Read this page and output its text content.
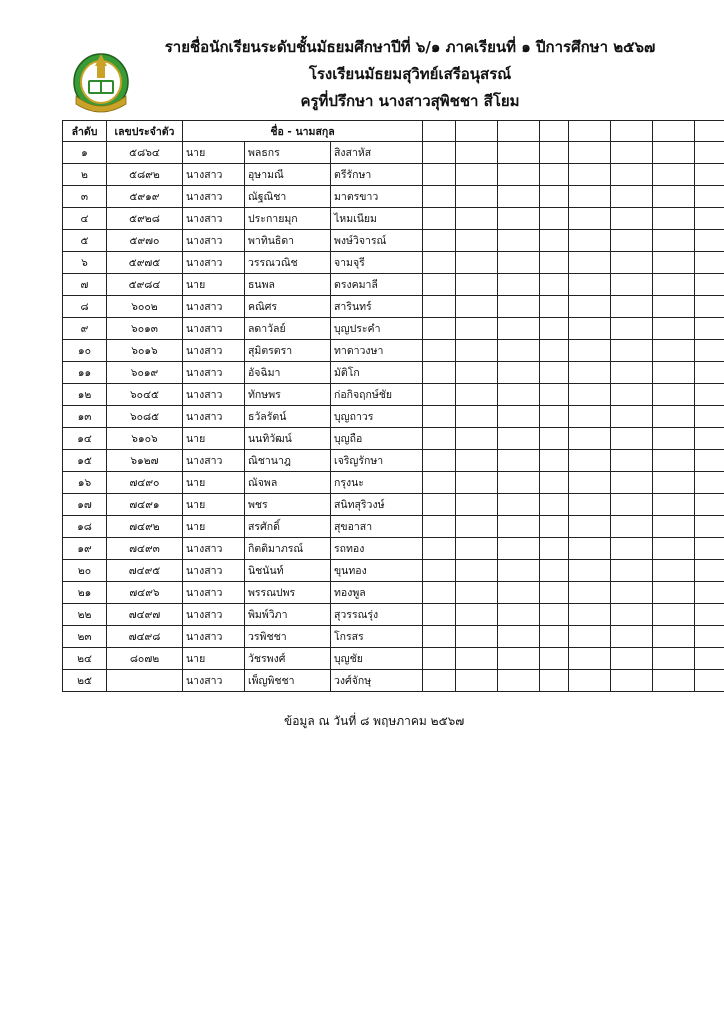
รายชื่อนักเรียนระดับชั้นมัธยมศึกษาปีที่ ๖/๑ ภาคเรียนที่ ๑ ปีการศึกษา ๒๕๖๗
โรงเรียนมัธยมสุวิทย์เสรีอนุสรณ์
ครูที่ปรึกษา นางสาวสุพิชชา สีโยม
ลำดับ	เลขประจำตัว	ชื่อ - นามสกุล										
๑	๕๘๖๔	นาย	พลธกร	สิงสาหัส								
๒	๕๘๙๒	นางสาว	อุษามณี	ตรีรักษา								
๓	๕๙๑๙	นางสาว	ณัฐณิชา	มาตรขาว								
๔	๕๙๒๘	นางสาว	ประกายมุก	ไหมเนียม								
๕	๕๙๗๐	นางสาว	พาทินธิดา	พงษ์วิจารณ์								
๖	๕๙๗๕	นางสาว	วรรณวณิช	จามจุรี								
๗	๕๙๘๔	นาย	ธนพล	ตรงคมาลี								
๘	๖๐๐๒	นางสาว	คณิศร	สารินทร์								
๙	๖๐๑๓	นางสาว	ลดาวัลย์	บุญประคำ								
๑๐	๖๐๑๖	นางสาว	สุมิตรตรา	ทาดาวงษา								
๑๑	๖๐๑๙	นางสาว	อัจฉิมา	มัติโก								
๑๒	๖๐๔๕	นางสาว	ทักษพร	ก่อกิจฤกษ์ชัย								
๑๓	๖๐๘๕	นางสาว	ธวัลรัตน์	บุญถาวร								
๑๔	๖๑๐๖	นาย	นนทิวัฒน์	บุญถือ								
๑๕	๖๑๒๗	นางสาว	ณิชานาฎ	เจริญรักษา								
๑๖	๗๔๙๐	นาย	ณัจพล	กรุงนะ								
๑๗	๗๔๙๑	นาย	พชร	สนิทสุริวงษ์								
๑๘	๗๔๙๒	นาย	สรศักดิ์	สุขอาสา								
๑๙	๗๔๙๓	นางสาว	กิตติมาภรณ์	รถทอง								
๒๐	๗๔๙๕	นางสาว	นิชนันท์	ขุนทอง								
๒๑	๗๔๙๖	นางสาว	พรรณปพร	ทองพูล								
๒๒	๗๔๙๗	นางสาว	พิมพ์วิภา	สุวรรณรุ่ง								
๒๓	๗๔๙๘	นางสาว	วรพิชชา	โกรสร								
๒๔	๘๐๗๒	นาย	วัชรพงศ์	บุญชัย								
๒๕		นางสาว	เพ็ญพิชชา	วงศ์จักษุ								
ข้อมูล ณ วันที่ ๘ พฤษภาคม ๒๕๖๗
